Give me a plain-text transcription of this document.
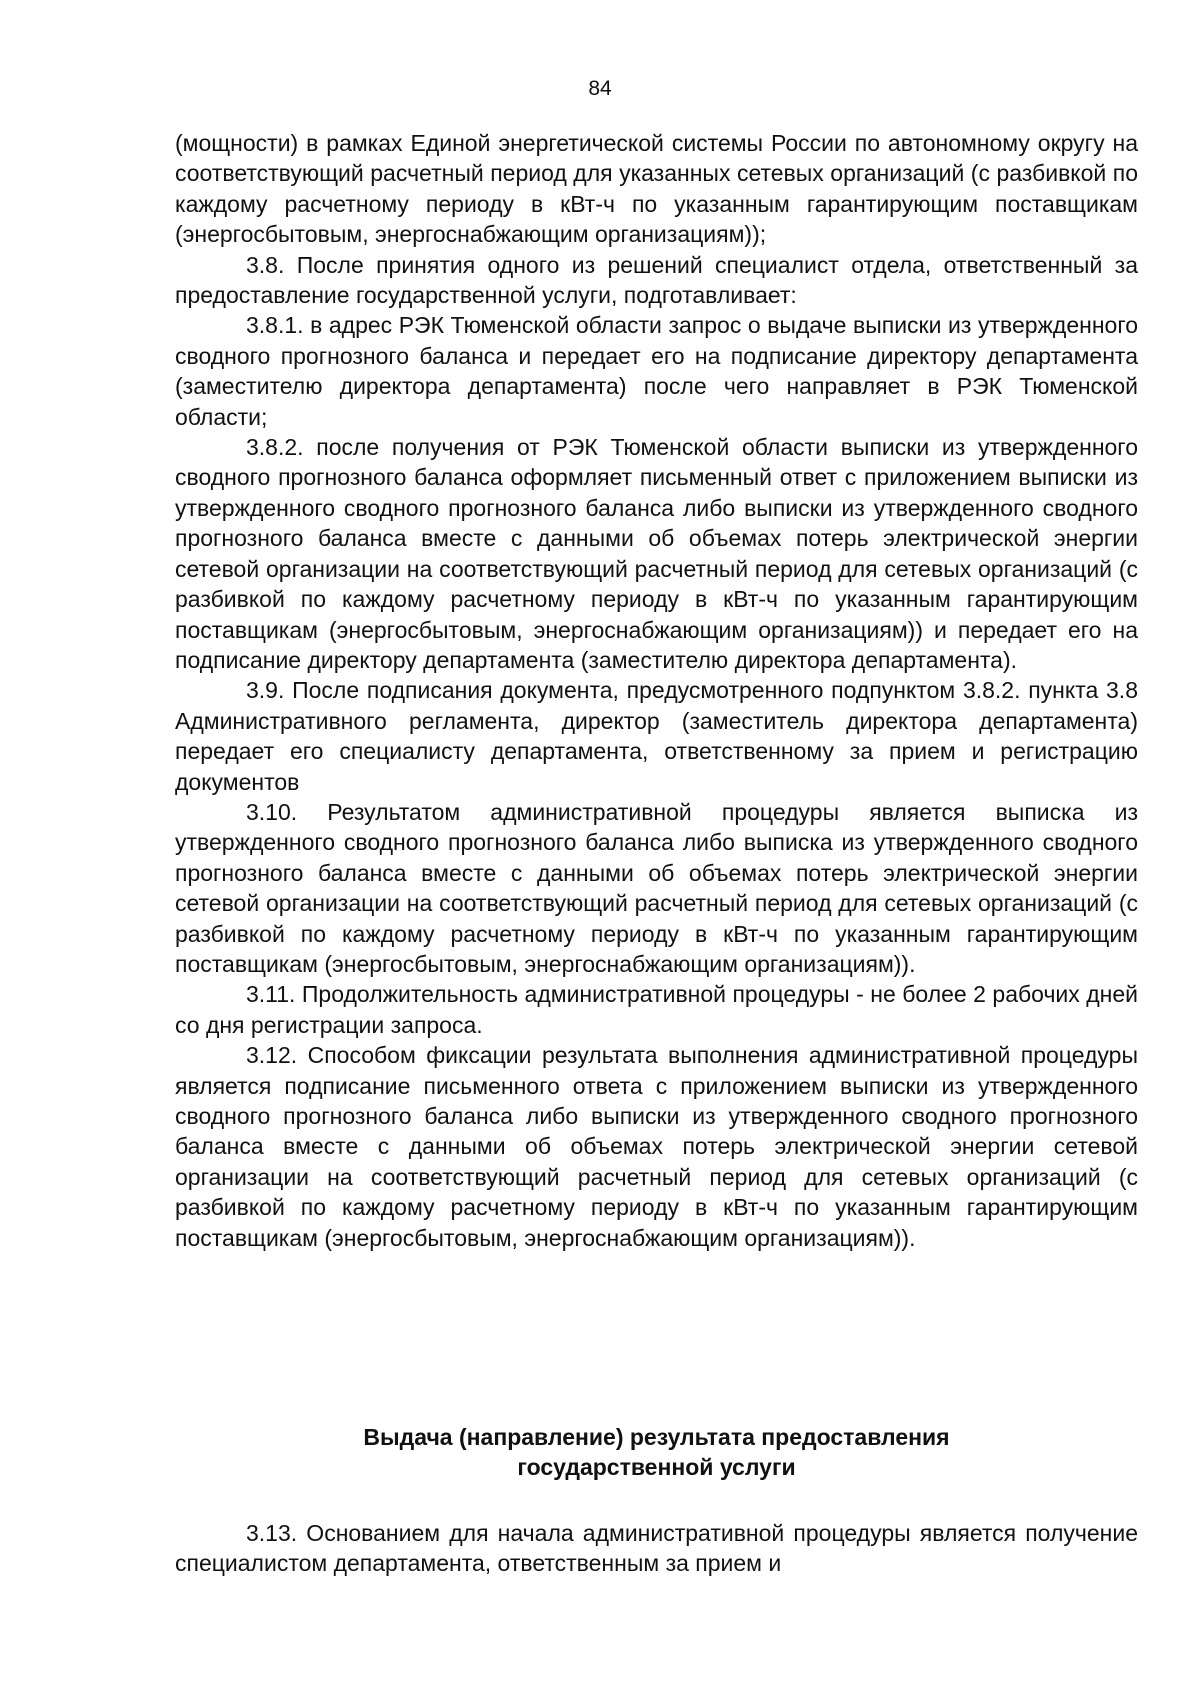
84

(мощности) в рамках Единой энергетической системы России по автономному округу на соответствующий расчетный период для указанных сетевых организаций (с разбивкой по каждому расчетному периоду в кВт-ч по указанным гарантирующим поставщикам (энергосбытовым, энергоснабжающим организациям));

3.8. После принятия одного из решений специалист отдела, ответственный за предоставление государственной услуги, подготавливает:

3.8.1. в адрес РЭК Тюменской области запрос о выдаче выписки из утвержденного сводного прогнозного баланса и передает его на подписание директору департамента (заместителю директора департамента) после чего направляет в РЭК Тюменской области;

3.8.2. после получения от РЭК Тюменской области выписки из утвержденного сводного прогнозного баланса оформляет письменный ответ с приложением выписки из утвержденного сводного прогнозного баланса либо выписки из утвержденного сводного прогнозного баланса вместе с данными об объемах потерь электрической энергии сетевой организации на соответствующий расчетный период для сетевых организаций (с разбивкой по каждому расчетному периоду в кВт-ч по указанным гарантирующим поставщикам (энергосбытовым, энергоснабжающим организациям)) и передает его на подписание директору департамента (заместителю директора департамента).

3.9. После подписания документа, предусмотренного подпунктом 3.8.2. пункта 3.8 Административного регламента, директор (заместитель директора департамента) передает его специалисту департамента, ответственному за прием и регистрацию документов

3.10. Результатом административной процедуры является выписка из утвержденного сводного прогнозного баланса либо выписка из утвержденного сводного прогнозного баланса вместе с данными об объемах потерь электрической энергии сетевой организации на соответствующий расчетный период для сетевых организаций (с разбивкой по каждому расчетному периоду в кВт-ч по указанным гарантирующим поставщикам (энергосбытовым, энергоснабжающим организациям)).

3.11. Продолжительность административной процедуры - не более 2 рабочих дней со дня регистрации запроса.

3.12. Способом фиксации результата выполнения административной процедуры является подписание письменного ответа с приложением выписки из утвержденного сводного прогнозного баланса либо выписки из утвержденного сводного прогнозного баланса вместе с данными об объемах потерь электрической энергии сетевой организации на соответствующий расчетный период для сетевых организаций (с разбивкой по каждому расчетному периоду в кВт-ч по указанным гарантирующим поставщикам (энергосбытовым, энергоснабжающим организациям)).

Выдача (направление) результата предоставления
государственной услуги

3.13. Основанием для начала административной процедуры является получение специалистом департамента, ответственным за прием и
